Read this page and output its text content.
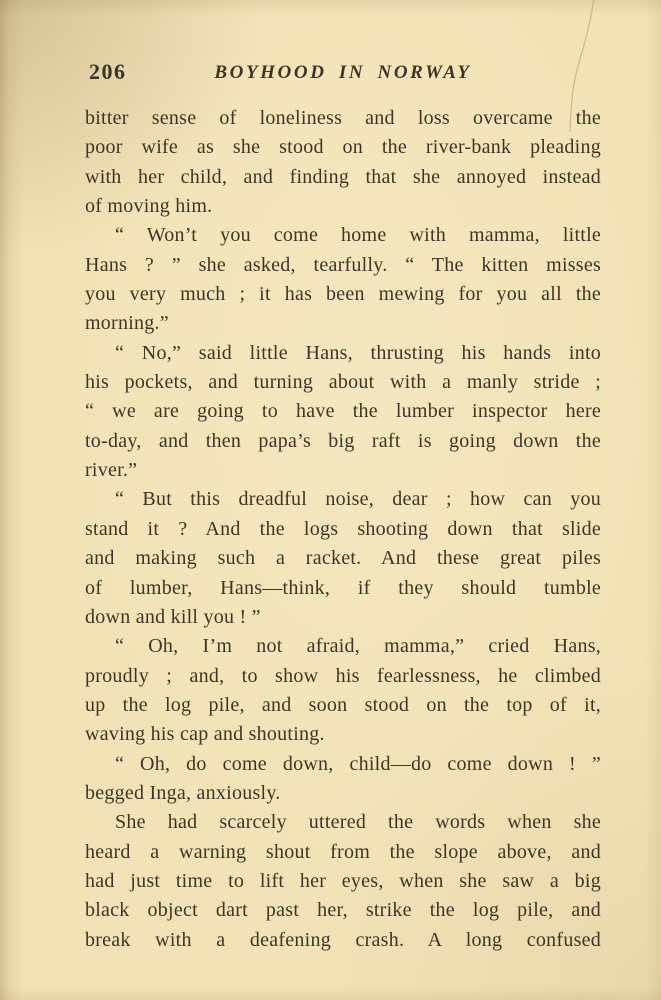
206	BOYHOOD IN NORWAY
bitter sense of loneliness and loss overcame the
poor wife as she stood on the river-bank pleading
with her child, and finding that she annoyed instead
of moving him.
“ Won’t you come home with mamma, little
Hans ? ” she asked, tearfully. “ The kitten misses
you very much ; it has been mewing for you all the
morning.”
“ No,” said little Hans, thrusting his hands into
his pockets, and turning about with a manly stride ;
“ we are going to have the lumber inspector here
to-day, and then papa’s big raft is going down the
river.”
“ But this dreadful noise, dear ; how can you
stand it ? And the logs shooting down that slide
and making such a racket. And these great piles
of lumber, Hans—think, if they should tumble
down and kill you ! ”
“ Oh, I’m not afraid, mamma,” cried Hans,
proudly ; and, to show his fearlessness, he climbed
up the log pile, and soon stood on the top of it,
waving his cap and shouting.
“ Oh, do come down, child—do come down ! ”
begged Inga, anxiously.
She had scarcely uttered the words when she
heard a warning shout from the slope above, and
had just time to lift her eyes, when she saw a big
black object dart past her, strike the log pile, and
break with a deafening crash. A long confused
